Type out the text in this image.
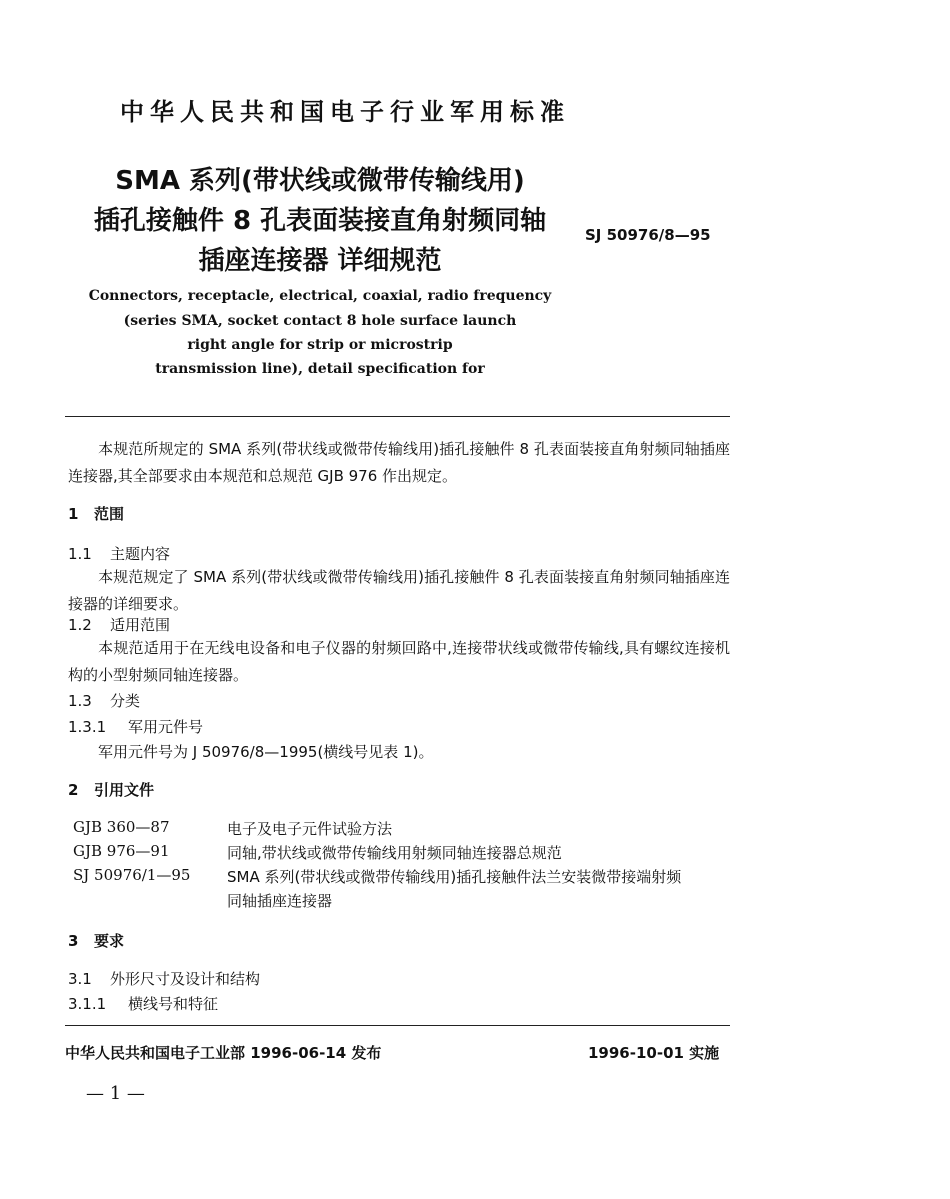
中华人民共和国电子行业军用标准
SMA 系列(带状线或微带传输线用)
插孔接触件 8 孔表面装接直角射频同轴
插座连接器 详细规范
SJ 50976/8—95
Connectors, receptacle, electrical, coaxial, radio frequency
(series SMA, socket contact 8 hole surface launch
right angle for strip or microstrip
transmission line), detail specification for
本规范所规定的 SMA 系列(带状线或微带传输线用)插孔接触件 8 孔表面装接直角射频同轴插座连接器,其全部要求由本规范和总规范 GJB 976 作出规定。
1 范围
1.1 主题内容
本规范规定了 SMA 系列(带状线或微带传输线用)插孔接触件 8 孔表面装接直角射频同轴插座连接器的详细要求。
1.2 适用范围
本规范适用于在无线电设备和电子仪器的射频回路中,连接带状线或微带传输线,具有螺纹连接机构的小型射频同轴连接器。
1.3 分类
1.3.1 军用元件号
军用元件号为 J 50976/8—1995(横线号见表 1)。
2 引用文件
GJB 360—87	电子及电子元件试验方法
GJB 976—91	同轴,带状线或微带传输线用射频同轴连接器总规范
SJ 50976/1—95 SMA 系列(带状线或微带传输线用)插孔接触件法兰安装微带接端射频
同轴插座连接器
3 要求
3.1 外形尺寸及设计和结构
3.1.1 横线号和特征
中华人民共和国电子工业部 1996-06-14 发布	1996-10-01 实施
— 1 —
